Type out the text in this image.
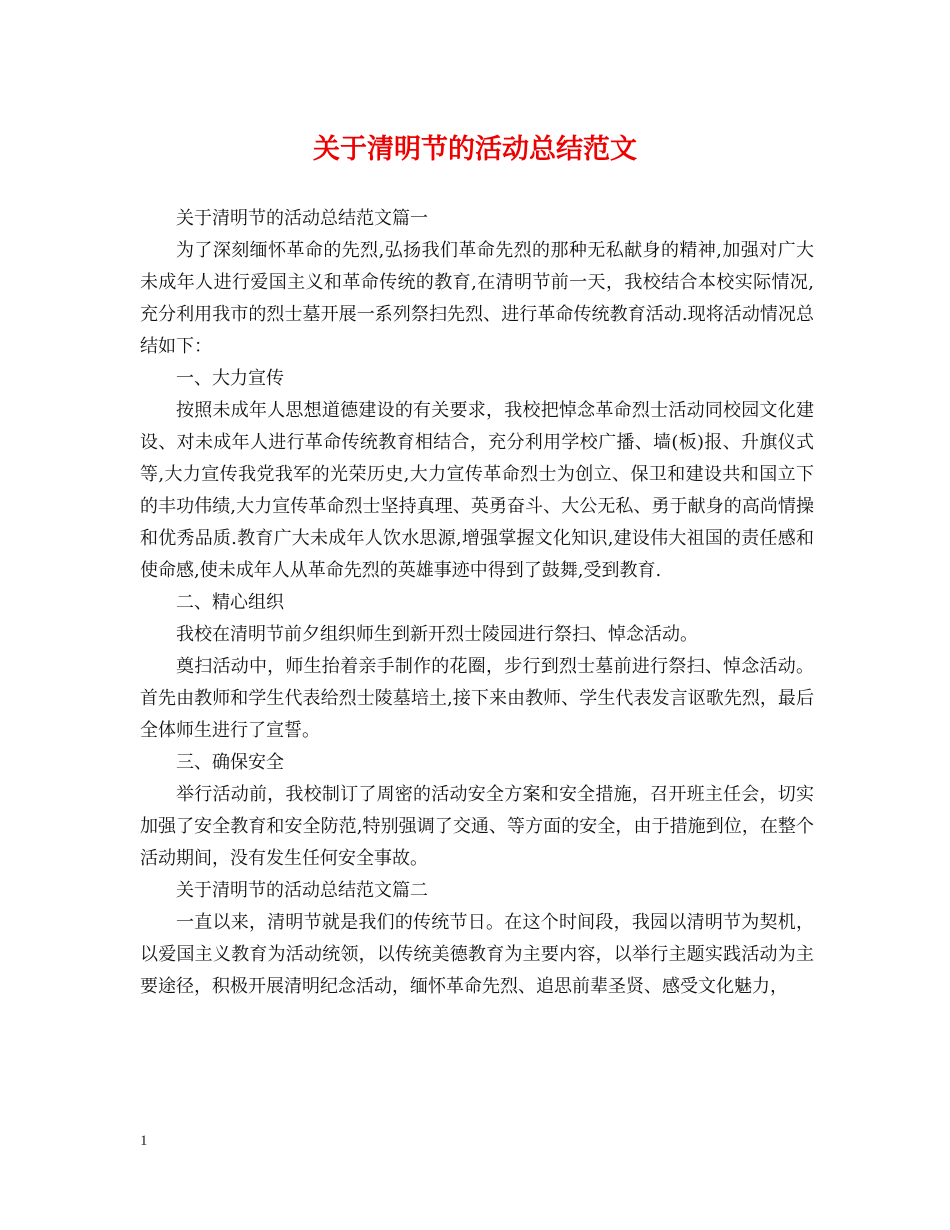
关于清明节的活动总结范文

关于清明节的活动总结范文篇一

为了深刻缅怀革命的先烈,弘扬我们革命先烈的那种无私献身的精神,加强对广大未成年人进行爱国主义和革命传统的教育,在清明节前一天，我校结合本校实际情况,充分利用我市的烈士墓开展一系列祭扫先烈、进行革命传统教育活动.现将活动情况总结如下：

一、大力宣传

按照未成年人思想道德建设的有关要求，我校把悼念革命烈士活动同校园文化建设、对未成年人进行革命传统教育相结合，充分利用学校广播、墙(板)报、升旗仪式等,大力宣传我党我军的光荣历史,大力宣传革命烈士为创立、保卫和建设共和国立下的丰功伟绩,大力宣传革命烈士坚持真理、英勇奋斗、大公无私、勇于献身的高尚情操和优秀品质.教育广大未成年人饮水思源,增强掌握文化知识,建设伟大祖国的责任感和使命感,使未成年人从革命先烈的英雄事迹中得到了鼓舞,受到教育.

二、精心组织

我校在清明节前夕组织师生到新开烈士陵园进行祭扫、悼念活动。

奠扫活动中，师生抬着亲手制作的花圈，步行到烈士墓前进行祭扫、悼念活动。首先由教师和学生代表给烈士陵墓培土,接下来由教师、学生代表发言讴歌先烈，最后全体师生进行了宣誓。

三、确保安全

举行活动前，我校制订了周密的活动安全方案和安全措施，召开班主任会，切实加强了安全教育和安全防范,特别强调了交通、等方面的安全，由于措施到位，在整个活动期间，没有发生任何安全事故。

关于清明节的活动总结范文篇二

一直以来，清明节就是我们的传统节日。在这个时间段，我园以清明节为契机，以爱国主义教育为活动统领，以传统美德教育为主要内容，以举行主题实践活动为主要途径，积极开展清明纪念活动，缅怀革命先烈、追思前辈圣贤、感受文化魅力，

1
